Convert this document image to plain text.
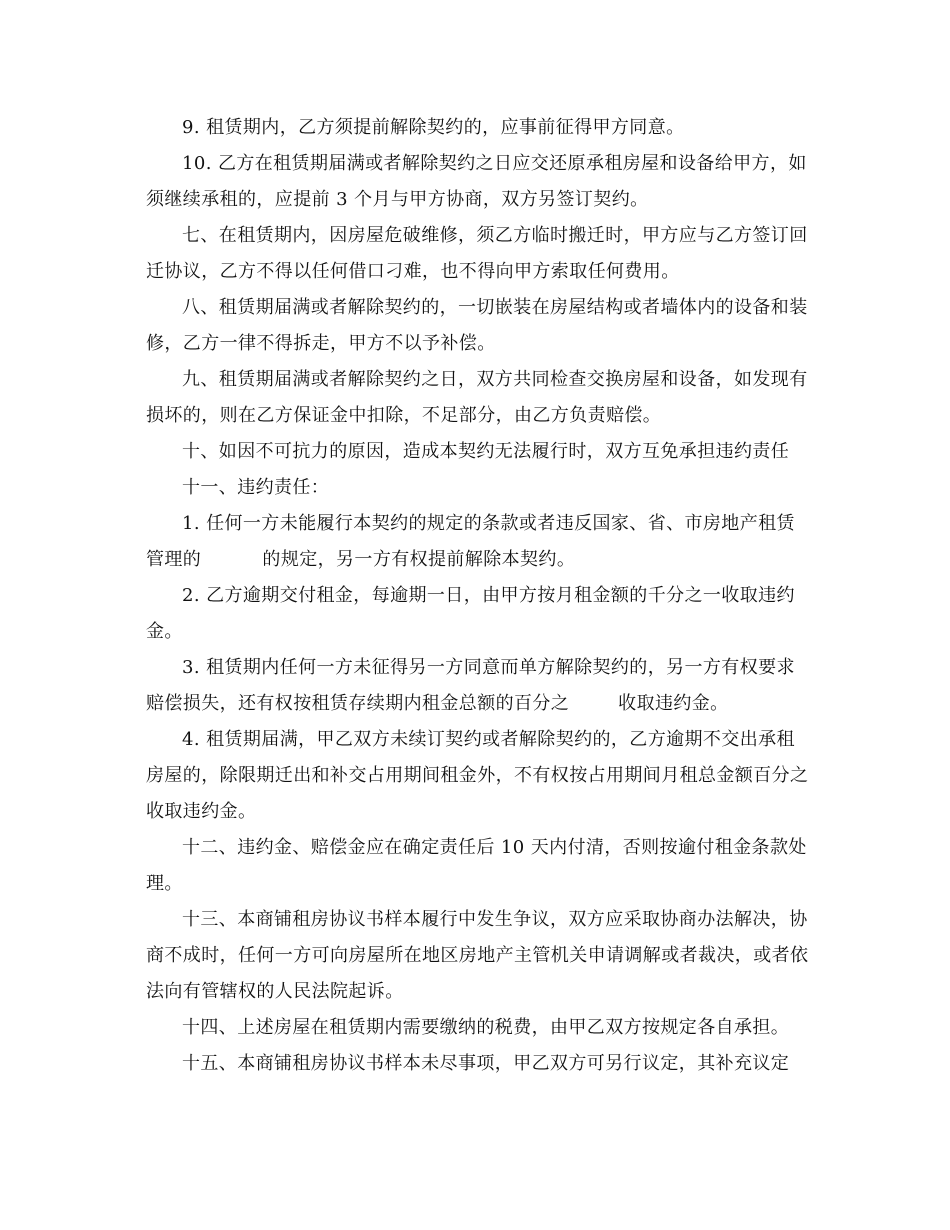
9. 租赁期内，乙方须提前解除契约的，应事前征得甲方同意。

10. 乙方在租赁期届满或者解除契约之日应交还原承租房屋和设备给甲方，如须继续承租的，应提前 3 个月与甲方协商，双方另签订契约。

七、在租赁期内，因房屋危破维修，须乙方临时搬迁时，甲方应与乙方签订回迁协议，乙方不得以任何借口刁难，也不得向甲方索取任何费用。

八、租赁期届满或者解除契约的，一切嵌装在房屋结构或者墙体内的设备和装修，乙方一律不得拆走，甲方不以予补偿。

九、租赁期届满或者解除契约之日，双方共同检查交换房屋和设备，如发现有损坏的，则在乙方保证金中扣除，不足部分，由乙方负责赔偿。

十、如因不可抗力的原因，造成本契约无法履行时，双方互免承担违约责任

十一、违约责任：

1. 任何一方未能履行本契约的规定的条款或者违反国家、省、市房地产租赁管理的          的规定，另一方有权提前解除本契约。

2. 乙方逾期交付租金，每逾期一日，由甲方按月租金额的千分之一收取违约金。

3. 租赁期内任何一方未征得另一方同意而单方解除契约的，另一方有权要求赔偿损失，还有权按租赁存续期内租金总额的百分之        收取违约金。

4. 租赁期届满，甲乙双方未续订契约或者解除契约的，乙方逾期不交出承租房屋的，除限期迁出和补交占用期间租金外，不有权按占用期间月租总金额百分之                收取违约金。

十二、违约金、赔偿金应在确定责任后 10 天内付清，否则按逾付租金条款处理。

十三、本商铺租房协议书样本履行中发生争议，双方应采取协商办法解决，协商不成时，任何一方可向房屋所在地区房地产主管机关申请调解或者裁决，或者依法向有管辖权的人民法院起诉。

十四、上述房屋在租赁期内需要缴纳的税费，由甲乙双方按规定各自承担。

十五、本商铺租房协议书样本未尽事项，甲乙双方可另行议定，其补充议定
